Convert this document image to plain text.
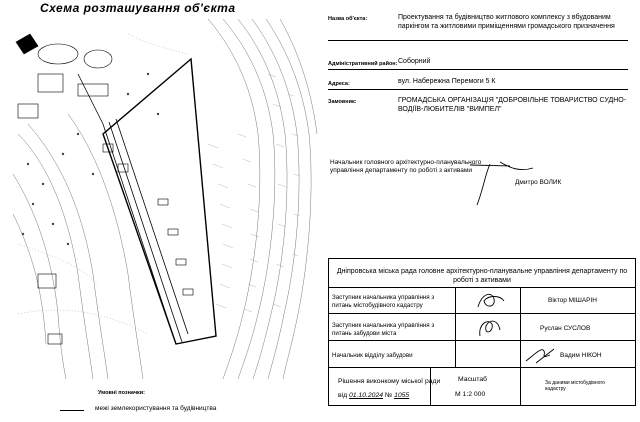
Схема розташування об'єкта
Умовні позначки:
межі землекористування та будівництва
Назва об'єкта:	Проектування та будівництво житлового комплексу з вбудованим паркінгом та житловими приміщеннями громадського призначення
Адміністративний район: Соборний
Адреса:	вул. Набережна Перемоги 5 К
Замовник:	ГРОМАДСЬКА ОРГАНІЗАЦІЯ "ДОБРОВІЛЬНЕ ТОВАРИСТВО СУДНО-ВОДІЇВ-ЛЮБИТЕЛІВ "ВИМПЕЛ"
Начальник головного архітектурно-планувального управління департаменту по роботі з активами
Дмитро ВОЛИК
Дніпровська міська рада головне архітектурно-планувальне управління департаменту по роботі з активами
Заступник начальника управління з питань містобудівного кадастру
Віктор МІШАРІН
Заступник начальника управління з питань забудови міста
Руслан СУСЛОВ
Начальник відділу забудови	Вадим НІКОН
Рішення виконкому міської ради
від 01.10.2024 № 1055
Масштаб
М 1:2 000
За даними містобудівного кадастру
